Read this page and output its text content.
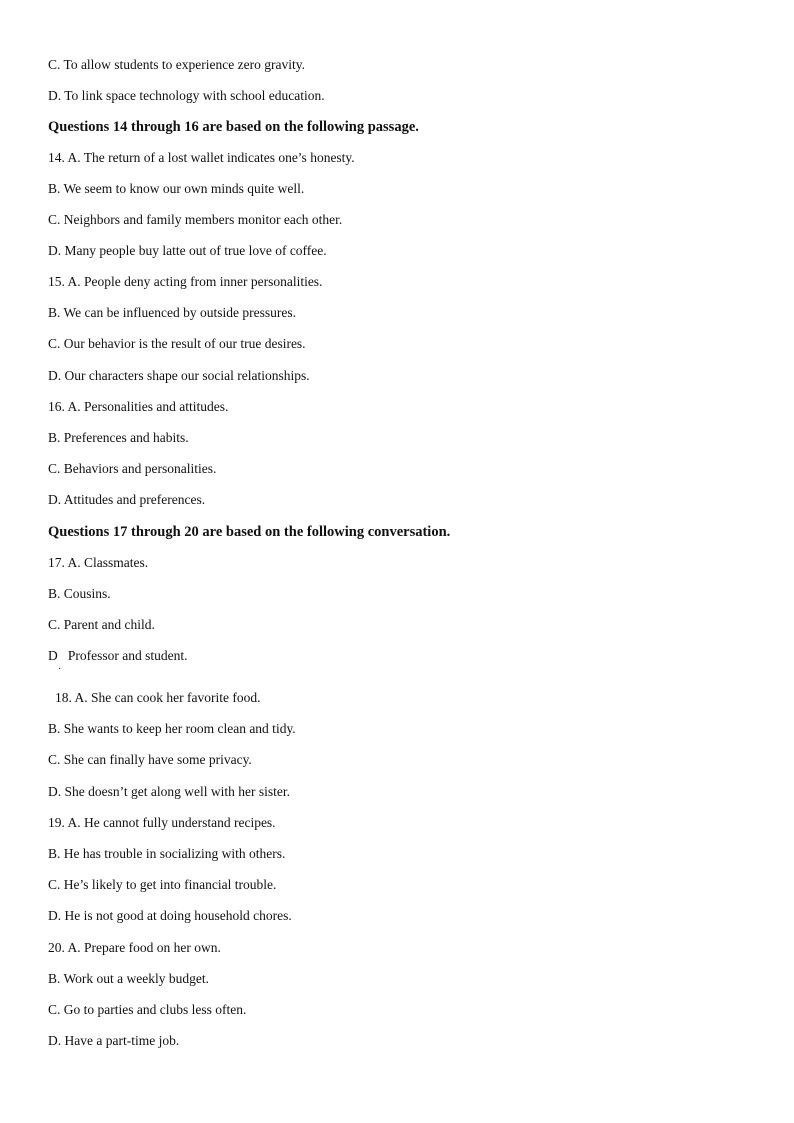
C. To allow students to experience zero gravity.
D. To link space technology with school education.
Questions 14 through 16 are based on the following passage.
14. A. The return of a lost wallet indicates one’s honesty.
B. We seem to know our own minds quite well.
C. Neighbors and family members monitor each other.
D. Many people buy latte out of true love of coffee.
15. A. People deny acting from inner personalities.
B. We can be influenced by outside pressures.
C. Our behavior is the result of our true desires.
D. Our characters shape our social relationships.
16. A. Personalities and attitudes.
B. Preferences and habits.
C. Behaviors and personalities.
D. Attitudes and preferences.
Questions 17 through 20 are based on the following conversation.
17. A. Classmates.
B. Cousins.
C. Parent and child.
D   Professor and student.
·
18. A. She can cook her favorite food.
B. She wants to keep her room clean and tidy.
C. She can finally have some privacy.
D. She doesn’t get along well with her sister.
19. A. He cannot fully understand recipes.
B. He has trouble in socializing with others.
C. He’s likely to get into financial trouble.
D. He is not good at doing household chores.
20. A. Prepare food on her own.
B. Work out a weekly budget.
C. Go to parties and clubs less often.
D. Have a part-time job.
